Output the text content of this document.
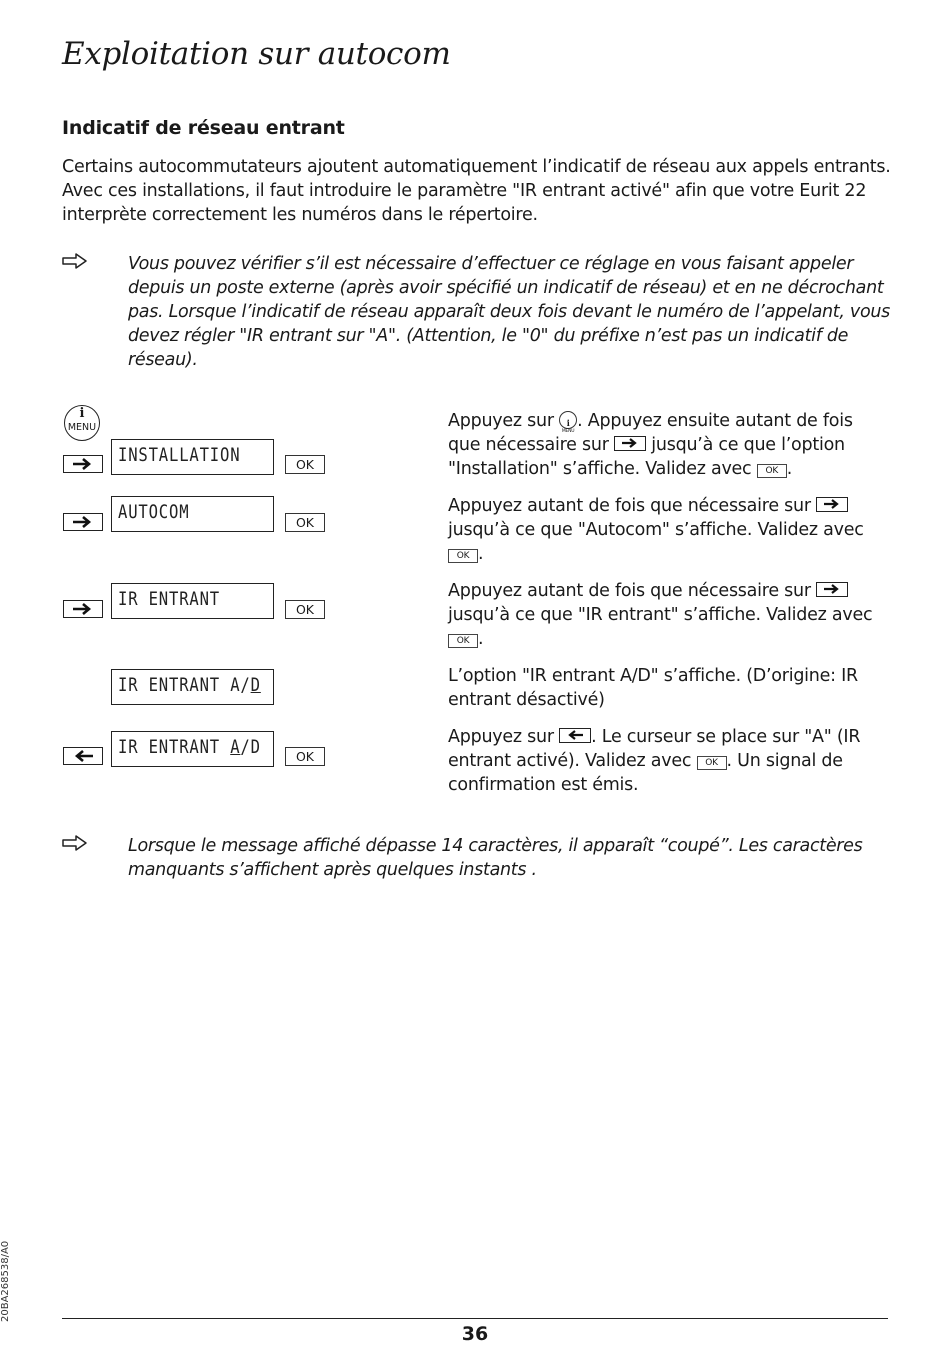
Exploitation sur autocom
Indicatif de réseau entrant
Certains autocommutateurs ajoutent automatiquement l’indicatif de réseau aux appels entrants. Avec ces installations, il faut introduire le paramètre "IR entrant activé" afin que votre Eurit 22 interprète correctement les numéros dans le répertoire.
Vous pouvez vérifier s’il est nécessaire d’effectuer ce réglage en vous faisant appeler depuis un poste externe (après avoir spécifié un indicatif de réseau) et en ne décrochant pas. Lorsque l’indicatif de réseau apparaît deux fois devant le numéro de l’appelant, vous devez régler "IR entrant sur "A". (Attention, le "0" du préfixe n’est pas un indicatif de réseau).
i
MENU
INSTALLATION	OK
AUTOCOM	OK
IR ENTRANT	OK
IR ENTRANT A/D
IR ENTRANT A/D	OK
Appuyez sur i
MENU
. Appuyez ensuite autant de fois que nécessaire sur
jusqu’à ce que l’option "Installation" s’affiche. Validez avec OK .
Appuyez autant de fois que nécessaire sur
jusqu’à ce que "Autocom" s’affiche. Validez avec OK .
Appuyez autant de fois que nécessaire sur
jusqu’à ce que "IR entrant" s’affiche. Validez avec OK .
L’option "IR entrant A/D" s’affiche. (D’origine: IR entrant désactivé)
Appuyez sur
. Le curseur se place sur "A" (IR entrant activé). Validez avec OK . Un signal de confirmation est émis.
Lorsque le message affiché dépasse 14 caractères, il apparaît “coupé”. Les caractères manquants s’affichent après quelques instants .
20BA268538/A0
36
